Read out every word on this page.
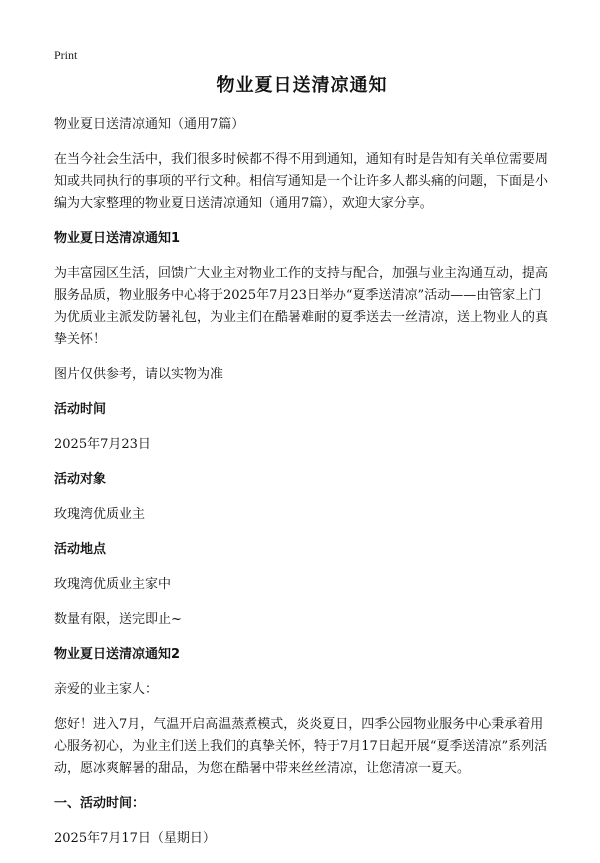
Print
物业夏日送清凉通知

物业夏日送清凉通知（通用7篇）

在当今社会生活中，我们很多时候都不得不用到通知，通知有时是告知有关单位需要周知或共同执行的事项的平行文种。相信写通知是一个让许多人都头痛的问题，下面是小编为大家整理的物业夏日送清凉通知（通用7篇），欢迎大家分享。

物业夏日送清凉通知1

为丰富园区生活，回馈广大业主对物业工作的支持与配合，加强与业主沟通互动，提高服务品质，物业服务中心将于2025年7月23日举办“夏季送清凉”活动——由管家上门为优质业主派发防暑礼包，为业主们在酷暑难耐的夏季送去一丝清凉，送上物业人的真挚关怀！

图片仅供参考，请以实物为准

活动时间

2025年7月23日

活动对象

玫瑰湾优质业主

活动地点

玫瑰湾优质业主家中

数量有限，送完即止~

物业夏日送清凉通知2

亲爱的业主家人：

您好！进入7月，气温开启高温蒸煮模式，炎炎夏日，四季公园物业服务中心秉承着用心服务初心，为业主们送上我们的真挚关怀，特于7月17日起开展“夏季送清凉”系列活动，愿冰爽解暑的甜品，为您在酷暑中带来丝丝清凉，让您清凉一夏天。

一、活动时间：

2025年7月17日（星期日）
